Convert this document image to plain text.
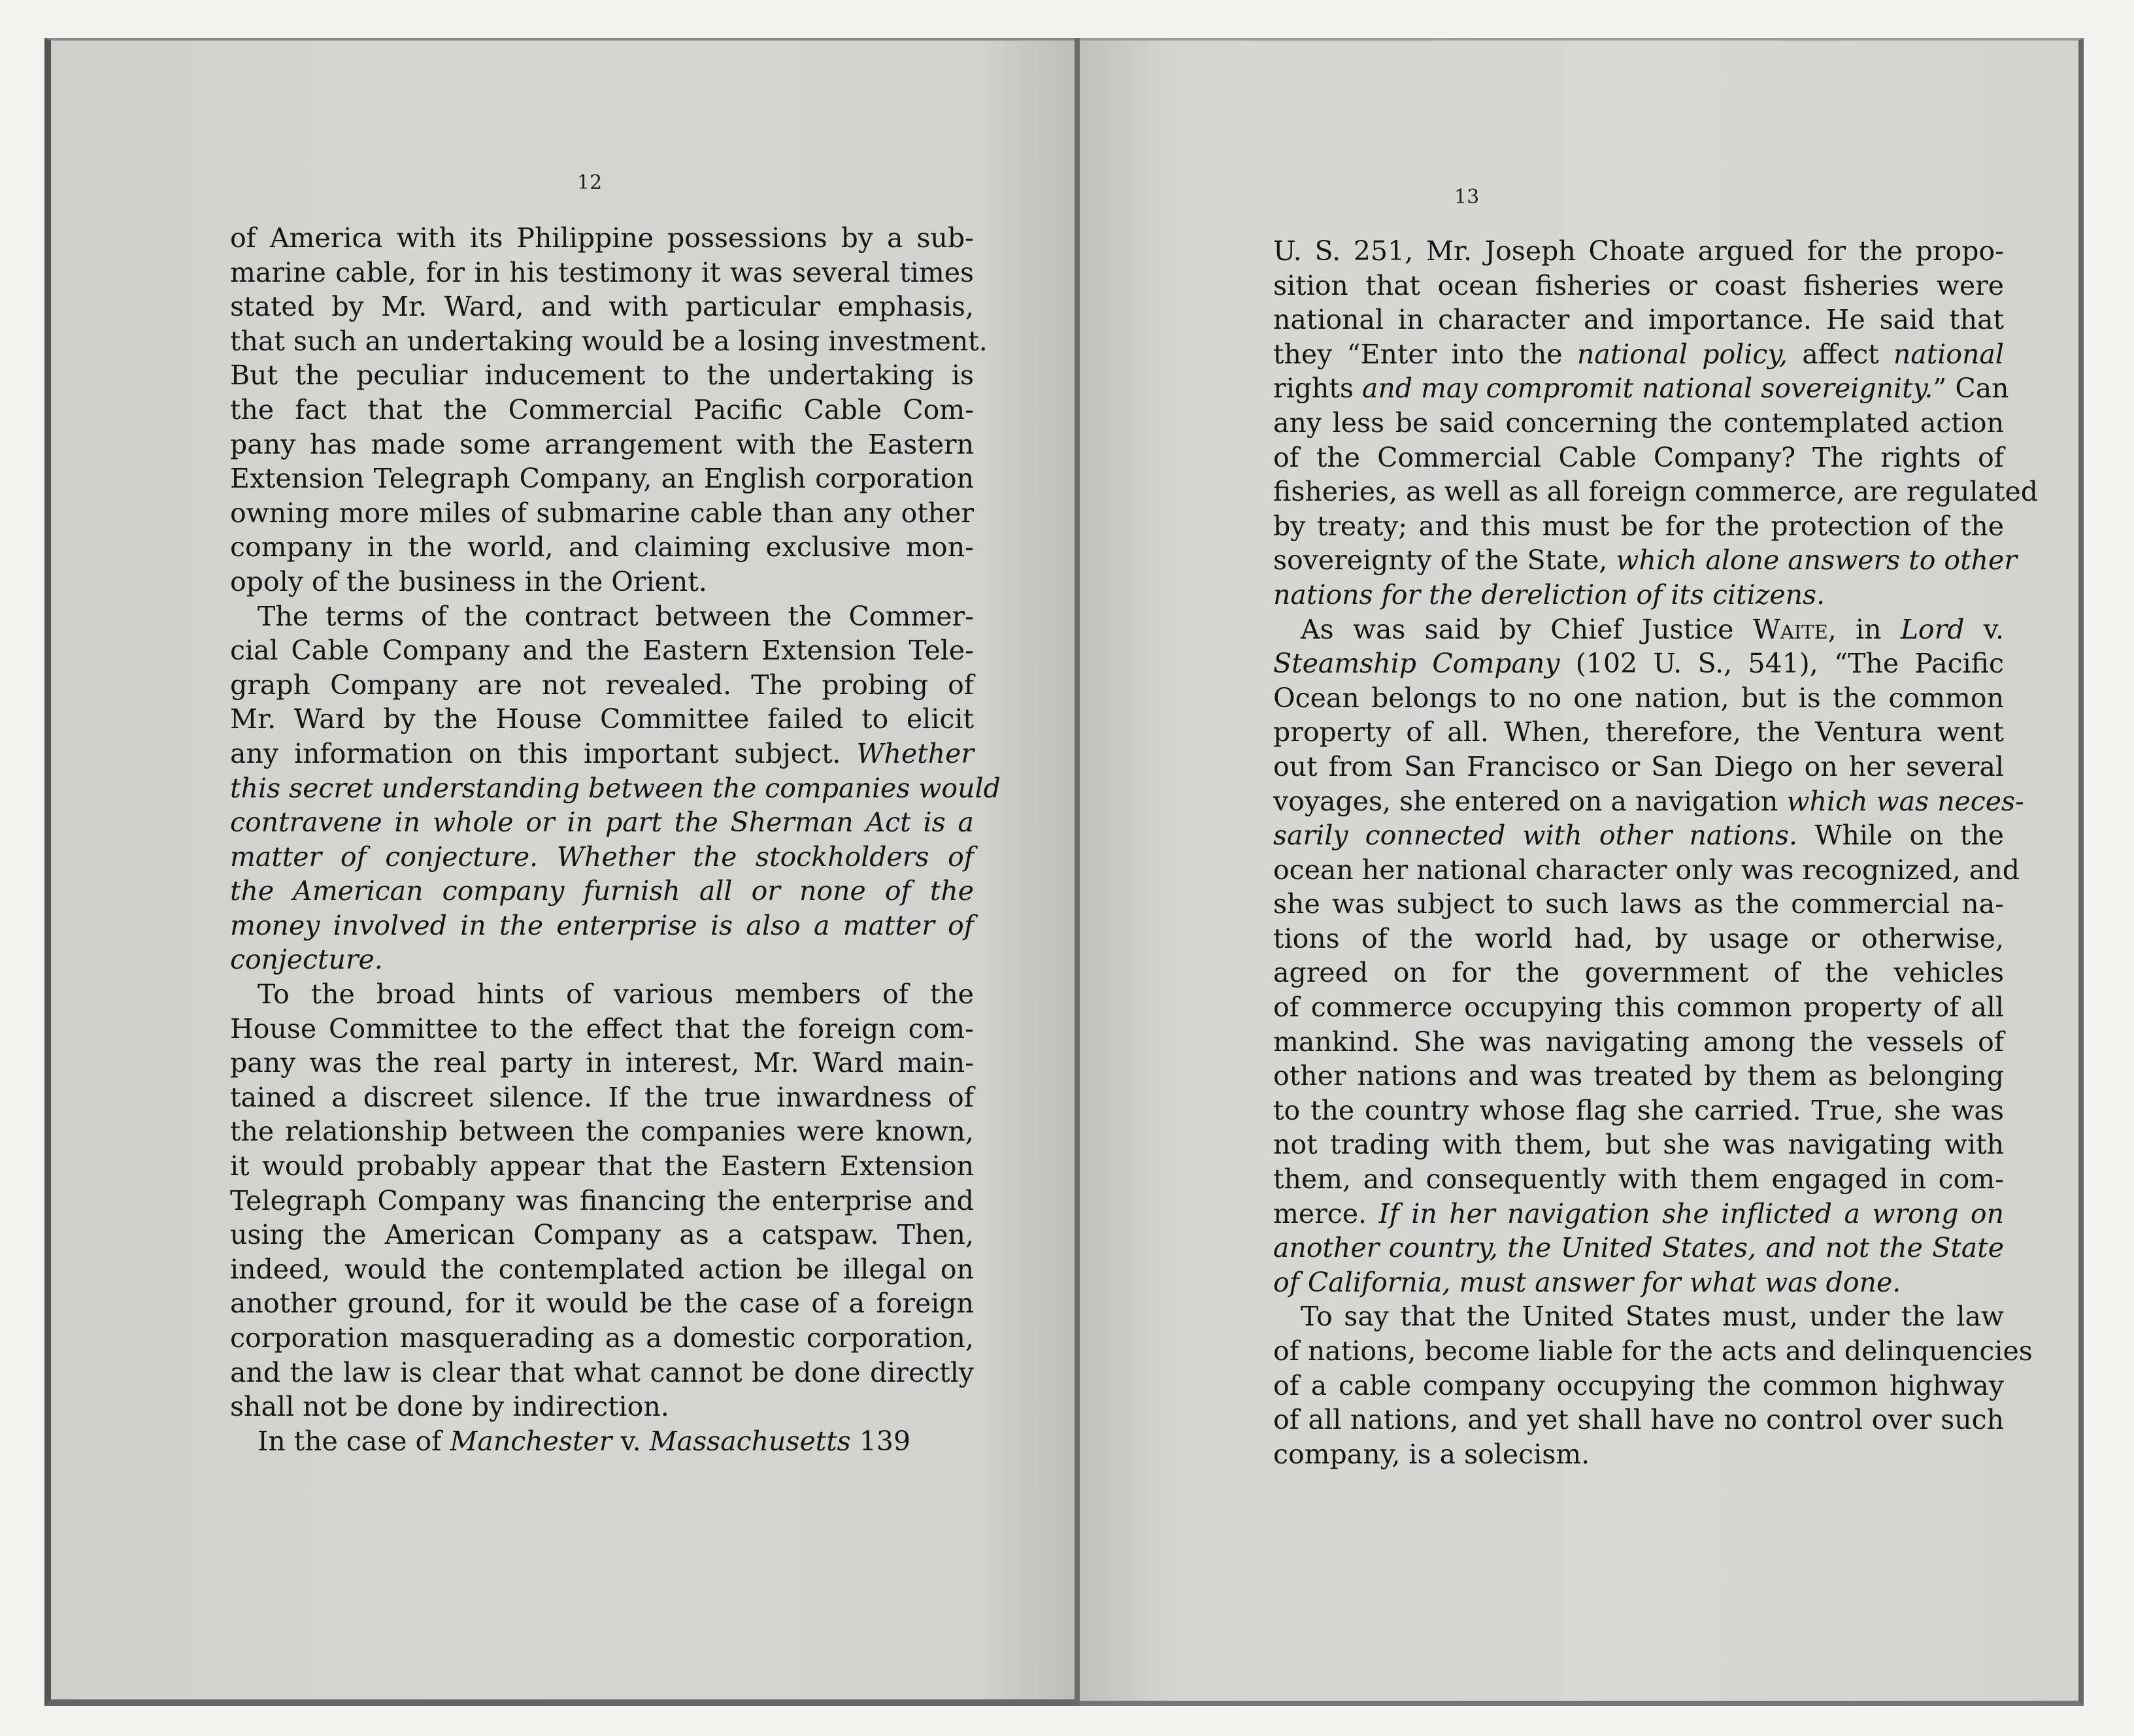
12
of America with its Philippine possessions by a sub-
marine cable, for in his testimony it was several times
stated by Mr. Ward, and with particular emphasis,
that such an undertaking would be a losing investment.
But the peculiar inducement to the undertaking is
the fact that the Commercial Pacific Cable Com-
pany has made some arrangement with the Eastern
Extension Telegraph Company, an English corporation
owning more miles of submarine cable than any other
company in the world, and claiming exclusive mon-
opoly of the business in the Orient.
The terms of the contract between the Commer-
cial Cable Company and the Eastern Extension Tele-
graph Company are not revealed. The probing of
Mr. Ward by the House Committee failed to elicit
any information on this important subject. Whether
this secret understanding between the companies would
contravene in whole or in part the Sherman Act is a
matter of conjecture. Whether the stockholders of
the American company furnish all or none of the
money involved in the enterprise is also a matter of
conjecture.
To the broad hints of various members of the
House Committee to the effect that the foreign com-
pany was the real party in interest, Mr. Ward main-
tained a discreet silence. If the true inwardness of
the relationship between the companies were known,
it would probably appear that the Eastern Extension
Telegraph Company was financing the enterprise and
using the American Company as a catspaw. Then,
indeed, would the contemplated action be illegal on
another ground, for it would be the case of a foreign
corporation masquerading as a domestic corporation,
and the law is clear that what cannot be done directly
shall not be done by indirection.
In the case of Manchester v. Massachusetts 139
13
U. S. 251, Mr. Joseph Choate argued for the propo-
sition that ocean fisheries or coast fisheries were
national in character and importance. He said that
they “Enter into the national policy, affect national
rights and may compromit national sovereignity.” Can
any less be said concerning the contemplated action
of the Commercial Cable Company? The rights of
fisheries, as well as all foreign commerce, are regulated
by treaty; and this must be for the protection of the
sovereignty of the State, which alone answers to other
nations for the dereliction of its citizens.
As was said by Chief Justice Waite, in Lord v.
Steamship Company (102 U. S., 541), “The Pacific
Ocean belongs to no one nation, but is the common
property of all. When, therefore, the Ventura went
out from San Francisco or San Diego on her several
voyages, she entered on a navigation which was neces-
sarily connected with other nations. While on the
ocean her national character only was recognized, and
she was subject to such laws as the commercial na-
tions of the world had, by usage or otherwise,
agreed on for the government of the vehicles
of commerce occupying this common property of all
mankind. She was navigating among the vessels of
other nations and was treated by them as belonging
to the country whose flag she carried. True, she was
not trading with them, but she was navigating with
them, and consequently with them engaged in com-
merce. If in her navigation she inflicted a wrong on
another country, the United States, and not the State
of California, must answer for what was done.
To say that the United States must, under the law
of nations, become liable for the acts and delinquencies
of a cable company occupying the common highway
of all nations, and yet shall have no control over such
company, is a solecism.
